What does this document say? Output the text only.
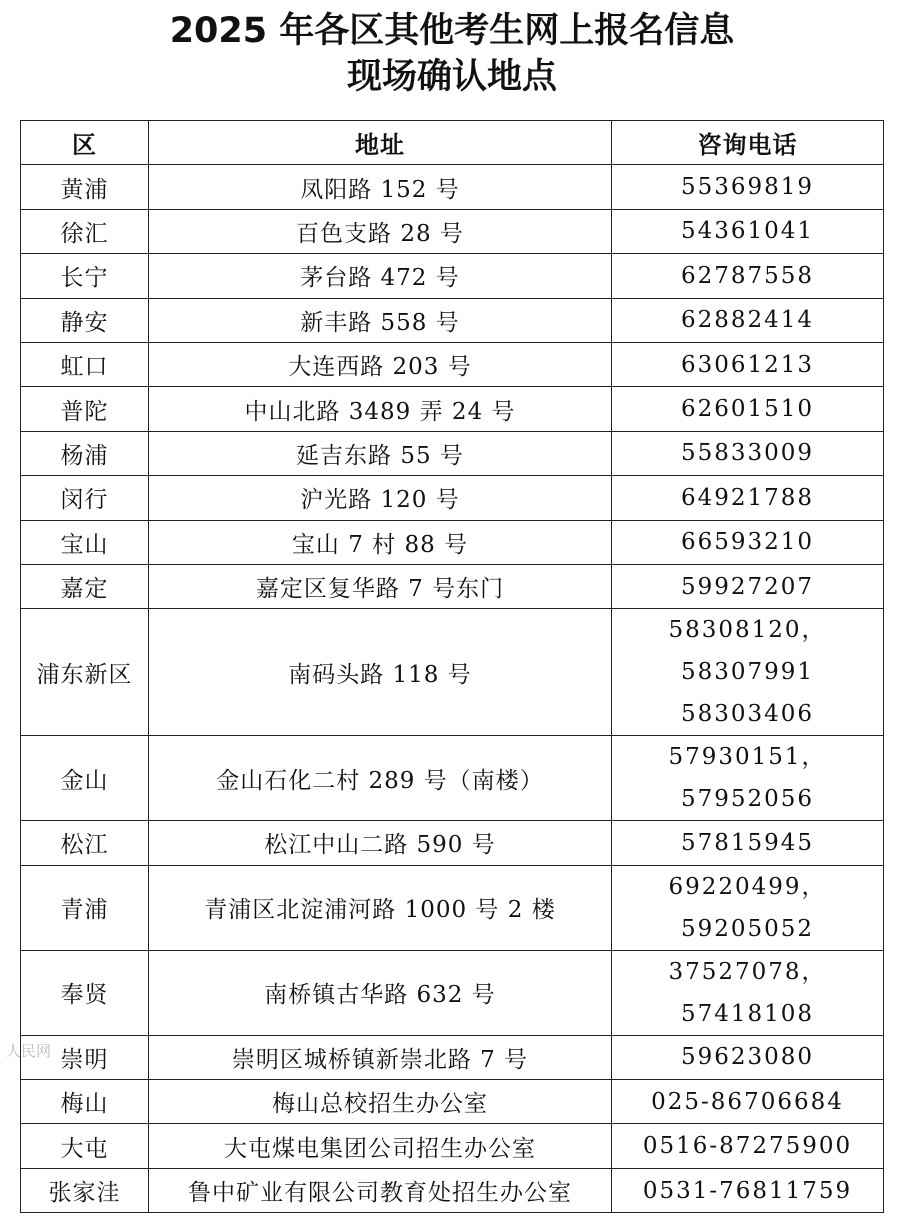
2025 年各区其他考生网上报名信息
现场确认地点
区	地址	咨询电话
黄浦	凤阳路 152 号	55369819

徐汇	百色支路 28 号	54361041

长宁	茅台路 472 号	62787558

静安	新丰路 558 号	62882414

虹口	大连西路 203 号	63061213

普陀	中山北路 3489 弄 24 号	62601510

杨浦	延吉东路 55 号	55833009

闵行	沪光路 120 号	64921788

宝山	宝山 7 村 88 号	66593210

嘉定	嘉定区复华路 7 号东门	59927207

浦东新区	南码头路 118 号	58308120，58307991
58303406

金山	金山石化二村 289 号（南楼）	57930151，57952056

松江	松江中山二路 590 号	57815945

青浦	青浦区北淀浦河路 1000 号 2 楼	69220499，59205052

奉贤	南桥镇古华路 632 号	37527078，57418108

崇明	崇明区城桥镇新崇北路 7 号	59623080

梅山	梅山总校招生办公室	025-86706684

大屯	大屯煤电集团公司招生办公室	0516-87275900

张家洼	鲁中矿业有限公司教育处招生办公室	0531-76811759
人民网
